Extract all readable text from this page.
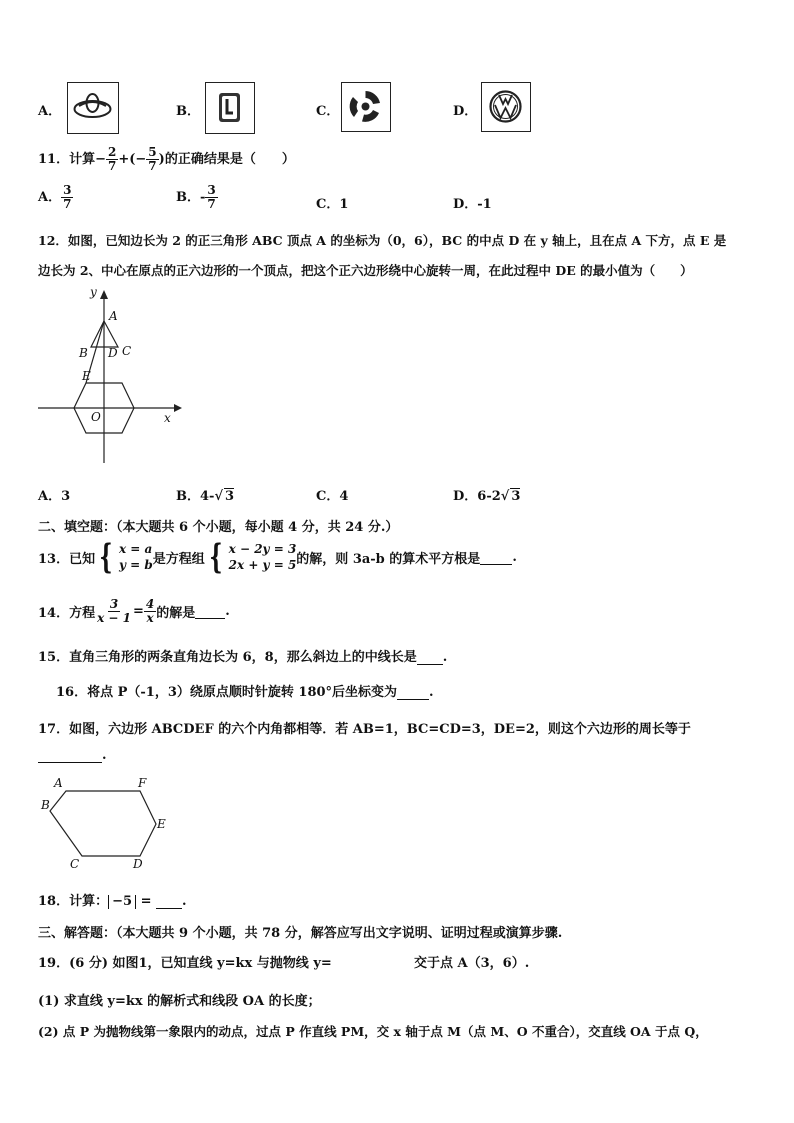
A．	B．	C．	D．
11．计算− $\frac{2}{7}$ +(− $\frac{5}{7}$ )的正确结果是（　　）
A． $\frac{3}{7}$	B．- $\frac{3}{7}$	C．1	D．-1
12．如图，已知边长为 2 的正三角形 ABC 顶点 A 的坐标为（0，6），BC 的中点 D 在 y 轴上，且在点 A 下方，点 E 是
边长为 2、中心在原点的正六边形的一个顶点，把这个正六边形绕中心旋转一周，在此过程中 DE 的最小值为（　　）
y
x
A
B D C
E
O
A．3	B．4-√ 3	C．4	D．6-2√ 3
二、填空题：（本大题共 6 个小题，每小题 4 分，共 24 分.）
13．已知 { x = a
y = b 是方程组 { x − 2y = 3
2x + y = 5 的解，则 3a-b 的算术平方根是 .
14．方程 $\frac{3}{x - 1} = \frac{4}{x}$ 的解是 .
15．直角三角形的两条直角边长为 6，8，那么斜边上的中线长是 .
16．将点 P（-1，3）绕原点顺时针旋转 180°后坐标变为 .
17．如图，六边形 ABCDEF 的六个内角都相等．若 AB=1，BC=CD=3，DE=2，则这个六边形的周长等于
.
A	F
B
E
C	D
18．计算： −5 = .
三、解答题：（本大题共 9 个小题，共 78 分，解答应写出文字说明、证明过程或演算步骤.
19．(6 分) 如图1，已知直线 y=kx 与抛物线 y=	交于点 A（3，6）.
(1) 求直线 y=kx 的解析式和线段 OA 的长度；
(2) 点 P 为抛物线第一象限内的动点，过点 P 作直线 PM，交 x 轴于点 M（点 M、O 不重合），交直线 OA 于点 Q，
